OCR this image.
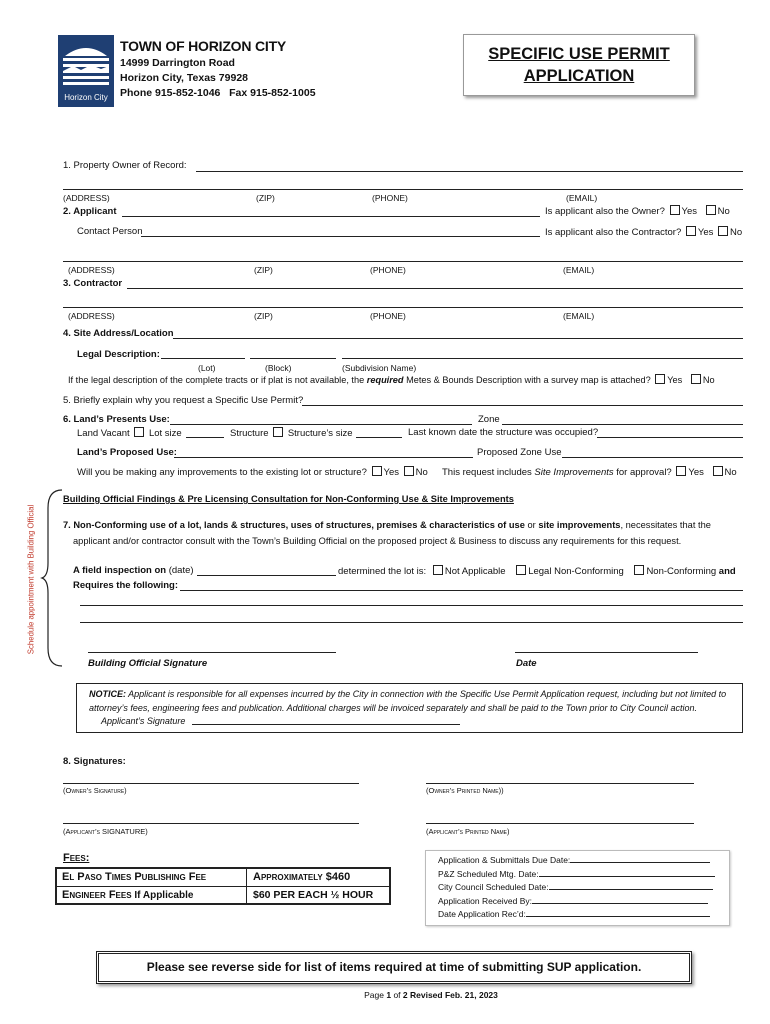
Horizon City
TOWN OF HORIZON CITY
14999 Darrington Road
Horizon City, Texas 79928
Phone 915-852-1046   Fax 915-852-1005
SPECIFIC USE PERMIT
APPLICATION
1. Property Owner of Record:
(ADDRESS)	(ZIP)	(PHONE)	(EMAIL)
2. Applicant	Is applicant also the Owner? Yes No
Contact Person	Is applicant also the Contractor? Yes No
(ADDRESS)	(ZIP)	(PHONE)	(EMAIL)
3. Contractor
(ADDRESS)	(ZIP)	(PHONE)	(EMAIL)
4. Site Address/Location
Legal Description:
(Lot)	(Block)	(Subdivision Name)
If the legal description of the complete tracts or if plat is not available, the required Metes & Bounds Description with a survey map is attached? Yes No
5. Briefly explain why you request a Specific Use Permit?
6. Land’s Presents Use:	Zone
Land Vacant Lot size	Structure Structure’s size	Last known date the structure was occupied?
Land’s Proposed Use:	Proposed Zone Use
Will you be making any improvements to the existing lot or structure? Yes No This request includes Site Improvements for approval? Yes No
Schedule appointment with Building Official
Building Official Findings & Pre Licensing Consultation for Non-Conforming Use & Site Improvements
7. Non-Conforming use of a lot, lands & structures, uses of structures, premises & characteristics of use or site improvements, necessitates that the
applicant and/or contractor consult with the Town’s Building Official on the proposed project & Business to discuss any requirements for this request.
A field inspection on (date)	determined the lot is: Not Applicable Legal Non-Conforming Non-Conforming and
Requires the following:
Building Official Signature	Date
NOTICE: Applicant is responsible for all expenses incurred by the City in connection with the Specific Use Permit Application request, including but not limited to attorney’s fees, engineering fees and publication. Additional charges will be invoiced separately and shall be paid to the Town prior to City Council action. Applicant’s Signature
8. Signatures:
(Owner’s Signature)	(Owner’s Printed Name))
(Applicant’s SIGNATURE)	(Applicant’s Printed Name)
Fees:
El Paso Times Publishing Fee	Approximately $460
Engineer Fees If Applicable	$60 PER EACH ½ HOUR
Application & Submittals Due Date:
P&Z Scheduled Mtg. Date:
City Council Scheduled Date:
Application Received By:
Date Application Rec’d:
Please see reverse side for list of items required at time of submitting SUP application.
Page 1 of 2 Revised Feb. 21, 2023
